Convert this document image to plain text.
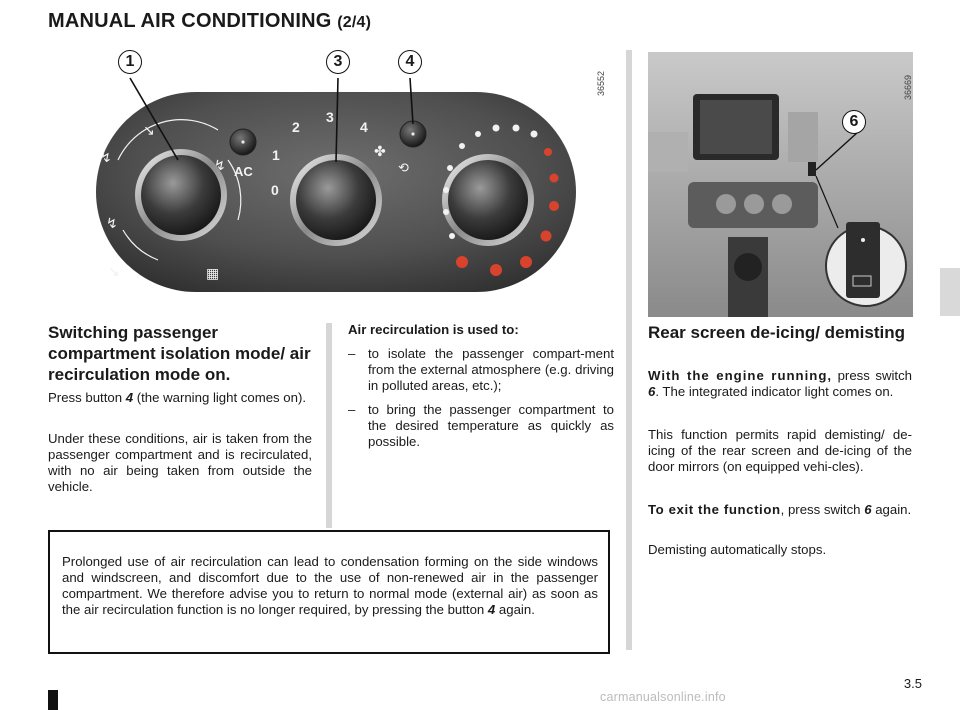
MANUAL AIR CONDITIONING (2/4)
↘
↯
↯
↘	▦
↯ AC
0
1
2
3
4
✤
⟲
1	3	4
36552
6
36669
Switching passenger compartment isolation mode/ air recirculation mode on.
Press button 4 (the warning light comes on).
Under these conditions, air is taken from the passenger compartment and is recirculated, with no air being taken from outside the vehicle.
Air recirculation is used to:
– to isolate the passenger compart-ment from the external atmosphere (e.g. driving in polluted areas, etc.);
– to bring the passenger compartment to the desired temperature as quickly as possible.
Rear screen de-icing/ demisting
With the engine running, press switch 6. The integrated indicator light comes on.
This function permits rapid demisting/ de-icing of the rear screen and de-icing of the door mirrors (on equipped vehi-cles).
To exit the function, press switch 6 again.
Demisting automatically stops.
Prolonged use of air recirculation can lead to condensation forming on the side windows and windscreen, and discomfort due to the use of non-renewed air in the passenger compartment. We therefore advise you to return to normal mode (external air) as soon as the air recirculation function is no longer required, by pressing the button 4 again.
3.5
carmanualsonline.info
